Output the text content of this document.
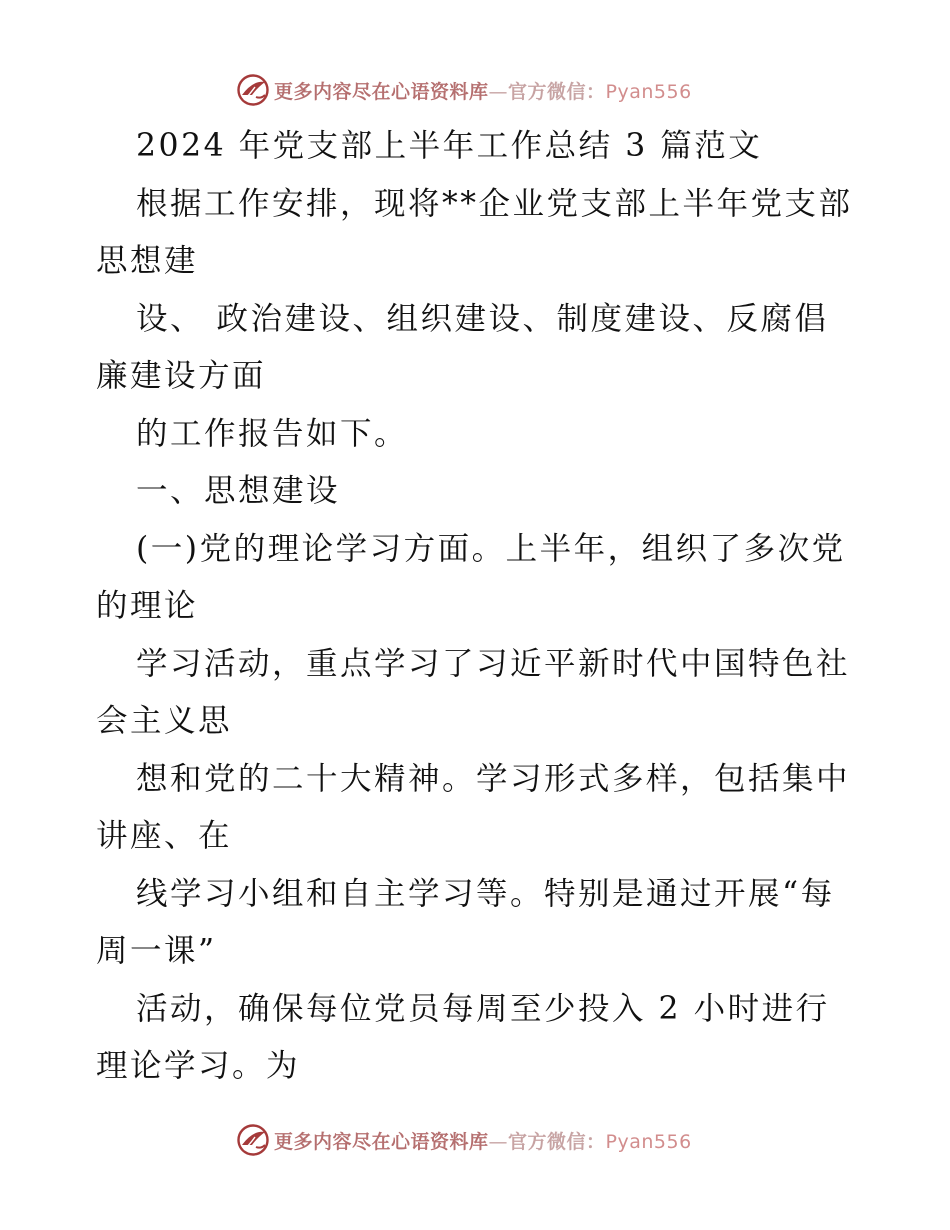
更多内容尽在心语资料库—官方微信：Pyan556
2024 年党支部上半年工作总结 3 篇范文
根据工作安排，现将**企业党支部上半年党支部
思想建
设、 政治建设、组织建设、制度建设、反腐倡
廉建设方面
的工作报告如下。
一、思想建设
(一)党的理论学习方面。上半年，组织了多次党
的理论
学习活动，重点学习了习近平新时代中国特色社
会主义思
想和党的二十大精神。学习形式多样，包括集中
讲座、在
线学习小组和自主学习等。特别是通过开展“每
周一课”
活动，确保每位党员每周至少投入 2 小时进行
理论学习。为
更多内容尽在心语资料库—官方微信：Pyan556
